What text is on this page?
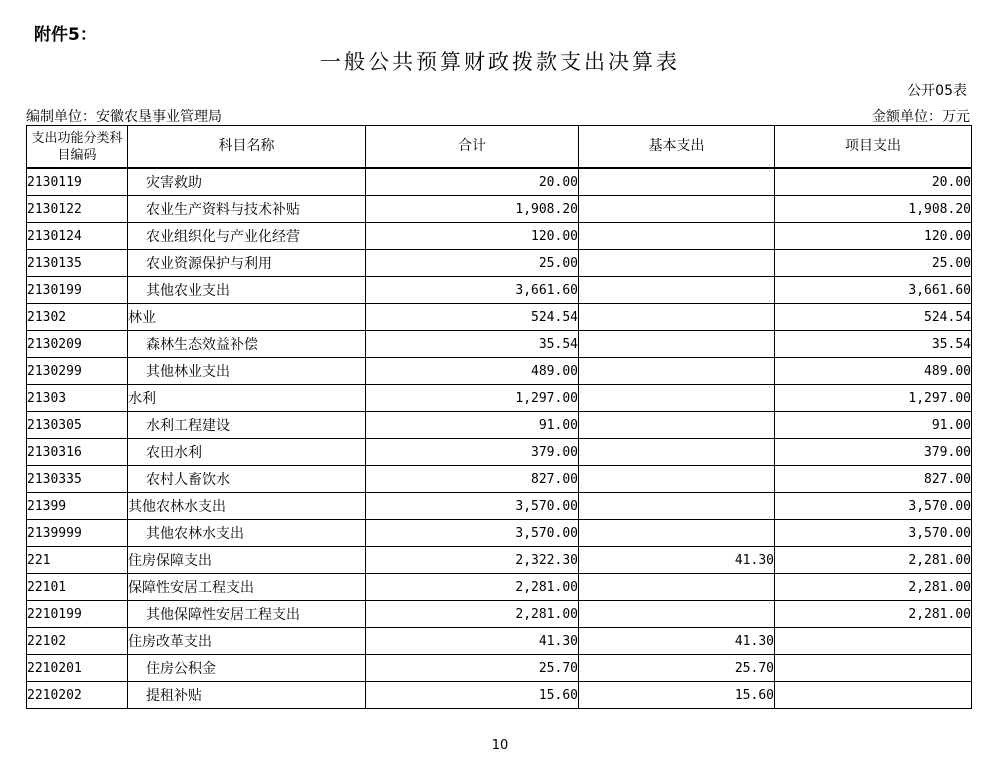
附件5：
一般公共预算财政拨款支出决算表
公开05表
编制单位：安徽农垦事业管理局	金额单位：万元
支出功能分类科目编码	科目名称	合计	基本支出	项目支出
2130119	灾害救助	20.00		20.00
2130122	农业生产资料与技术补贴	1,908.20		1,908.20
2130124	农业组织化与产业化经营	120.00		120.00
2130135	农业资源保护与利用	25.00		25.00
2130199	其他农业支出	3,661.60		3,661.60
21302	林业	524.54		524.54
2130209	森林生态效益补偿	35.54		35.54
2130299	其他林业支出	489.00		489.00
21303	水利	1,297.00		1,297.00
2130305	水利工程建设	91.00		91.00
2130316	农田水利	379.00		379.00
2130335	农村人畜饮水	827.00		827.00
21399	其他农林水支出	3,570.00		3,570.00
2139999	其他农林水支出	3,570.00		3,570.00
221	住房保障支出	2,322.30	41.30	2,281.00
22101	保障性安居工程支出	2,281.00		2,281.00
2210199	其他保障性安居工程支出	2,281.00		2,281.00
22102	住房改革支出	41.30	41.30	
2210201	住房公积金	25.70	25.70	
2210202	提租补贴	15.60	15.60	
10
